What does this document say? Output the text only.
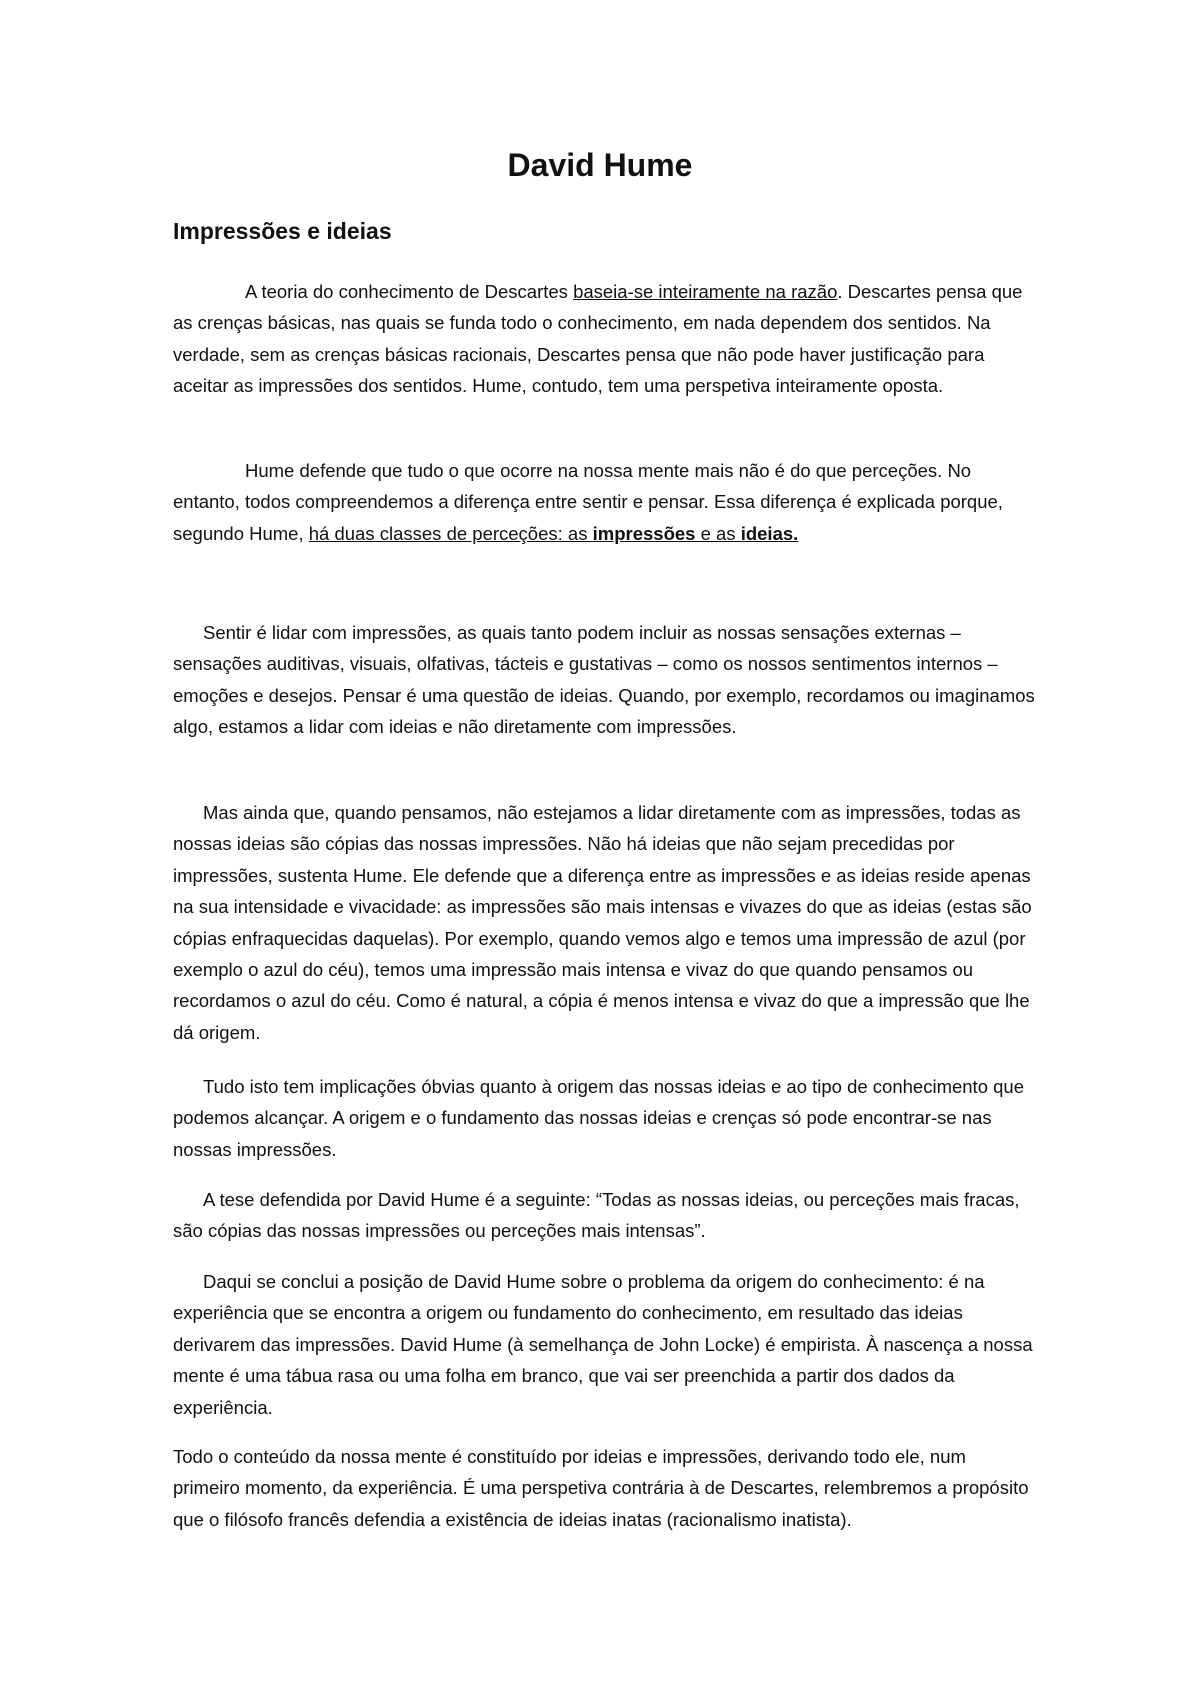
David Hume
Impressões e ideias

A teoria do conhecimento de Descartes baseia-se inteiramente na razão. Descartes pensa que as crenças básicas, nas quais se funda todo o conhecimento, em nada dependem dos sentidos. Na verdade, sem as crenças básicas racionais, Descartes pensa que não pode haver justificação para aceitar as impressões dos sentidos. Hume, contudo, tem uma perspetiva inteiramente oposta.

Hume defende que tudo o que ocorre na nossa mente mais não é do que perceções. No entanto, todos compreendemos a diferença entre sentir e pensar. Essa diferença é explicada porque, segundo Hume, há duas classes de perceções: as impressões e as ideias.

Sentir é lidar com impressões, as quais tanto podem incluir as nossas sensações externas – sensações auditivas, visuais, olfativas, tácteis e gustativas – como os nossos sentimentos internos – emoções e desejos. Pensar é uma questão de ideias. Quando, por exemplo, recordamos ou imaginamos algo, estamos a lidar com ideias e não diretamente com impressões.

Mas ainda que, quando pensamos, não estejamos a lidar diretamente com as impressões, todas as nossas ideias são cópias das nossas impressões. Não há ideias que não sejam precedidas por impressões, sustenta Hume. Ele defende que a diferença entre as impressões e as ideias reside apenas na sua intensidade e vivacidade: as impressões são mais intensas e vivazes do que as ideias (estas são cópias enfraquecidas daquelas). Por exemplo, quando vemos algo e temos uma impressão de azul (por exemplo o azul do céu), temos uma impressão mais intensa e vivaz do que quando pensamos ou recordamos o azul do céu. Como é natural, a cópia é menos intensa e vivaz do que a impressão que lhe dá origem.

Tudo isto tem implicações óbvias quanto à origem das nossas ideias e ao tipo de conhecimento que podemos alcançar. A origem e o fundamento das nossas ideias e crenças só pode encontrar-se nas nossas impressões.

A tese defendida por David Hume é a seguinte: “Todas as nossas ideias, ou perceções mais fracas, são cópias das nossas impressões ou perceções mais intensas”.

Daqui se conclui a posição de David Hume sobre o problema da origem do conhecimento: é na experiência que se encontra a origem ou fundamento do conhecimento, em resultado das ideias derivarem das impressões. David Hume (à semelhança de John Locke) é empirista. À nascença a nossa mente é uma tábua rasa ou uma folha em branco, que vai ser preenchida a partir dos dados da experiência.

Todo o conteúdo da nossa mente é constituído por ideias e impressões, derivando todo ele, num primeiro momento, da experiência. É uma perspetiva contrária à de Descartes, relembremos a propósito que o filósofo francês defendia a existência de ideias inatas (racionalismo inatista).
